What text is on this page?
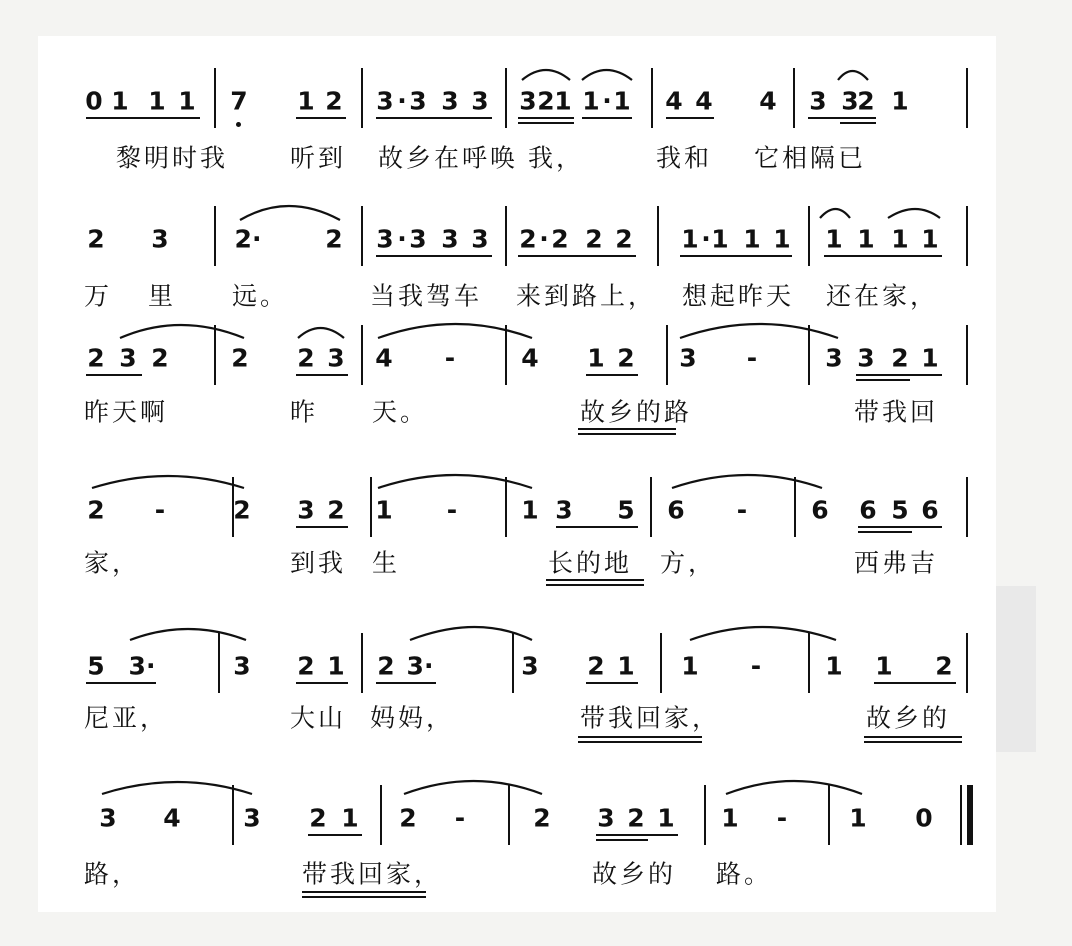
0 1 1 1 7 1 2 3 · 3 3 3 3 2 1 1 · 1 4 4 4 3 3
2 1
黎明时我 听到 故乡在呼唤 我，	我和 它相隔已
2 3	2·	2 3 · 3 3 3 2 · 2 2 2 1 · 1 1 1 1 1 1 1
万 里 远。	当我驾车 来到路上， 想起昨天 还在家，
2 3 2	2 2 3 4 -	4 1 2 3 -	3 3 2 1
昨天啊	昨 天。	故乡的路	带我回
2 -	2 3 2 1 -	1 3 5 6 -	6 6 5 6
家，	到我 生	长的地 方，	西弗吉
5 3·	3 2 1 2 3·	3 2 1 1 -	1 1 2
尼亚，	大山 妈妈，	带我回家，	故乡的
3 4	3 2 1 2 -	2 3 2 1 1 - 1 0
路，	带我回家，	故乡的 路。
